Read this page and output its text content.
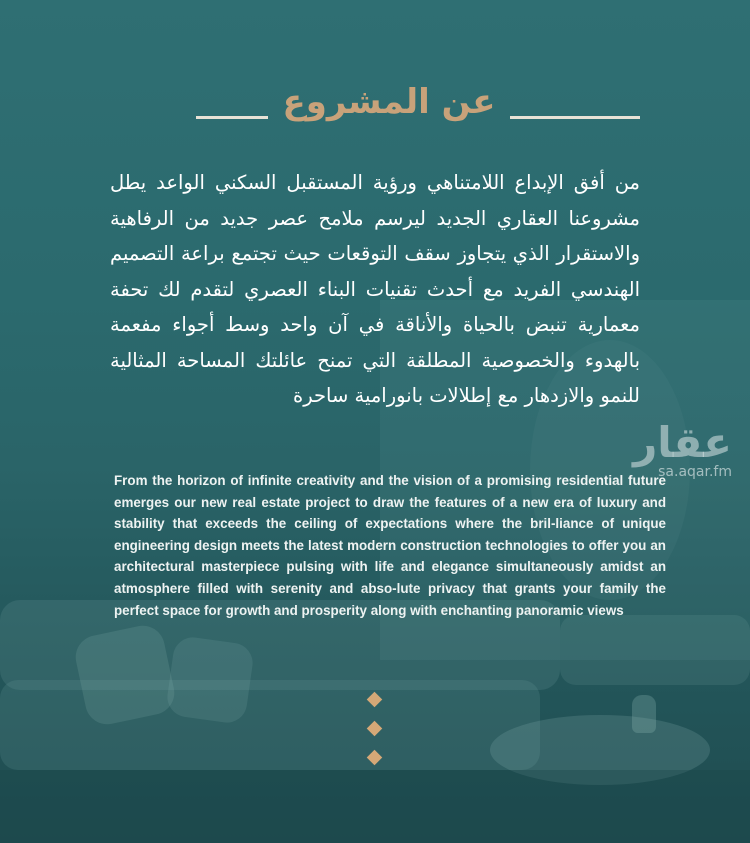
عن المشروع
من أفق الإبداع اللامتناهي ورؤية المستقبل السكني الواعد يطل مشروعنا العقاري الجديد ليرسم ملامح عصر جديد من الرفاهية والاستقرار الذي يتجاوز سقف التوقعات حيث تجتمع براعة التصميم الهندسي الفريد مع أحدث تقنيات البناء العصري لتقدم لك تحفة معمارية تنبض بالحياة والأناقة في آن واحد وسط أجواء مفعمة بالهدوء والخصوصية المطلقة التي تمنح عائلتك المساحة المثالية للنمو والازدهار مع إطلالات بانورامية ساحرة
عقار
sa.aqar.fm
From the horizon of infinite creativity and the vision of a promising residential future emerges our new real estate project to draw the features of a new era of luxury and stability that exceeds the ceiling of expectations where the bril-liance of unique engineering design meets the latest modern construction technologies to offer you an architectural masterpiece pulsing with life and elegance simultaneously amidst an atmosphere filled with serenity and abso-lute privacy that grants your family the perfect space for growth and prosperity along with enchanting panoramic views
